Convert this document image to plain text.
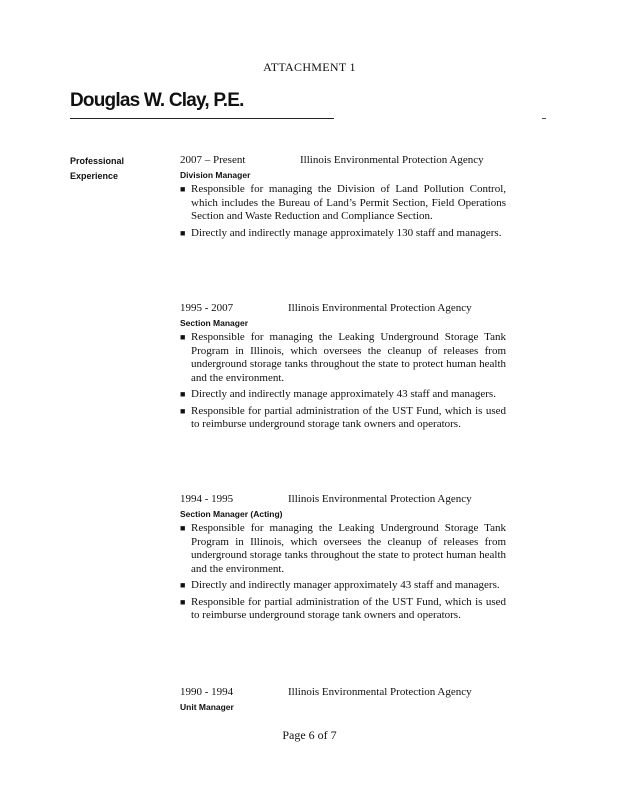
ATTACHMENT 1
Douglas W. Clay, P.E.
Professional
Experience
2007 – Present	Illinois Environmental Protection Agency
Division Manager
■ Responsible for managing the Division of Land Pollution Control, which includes the Bureau of Land’s Permit Section, Field Operations Section and Waste Reduction and Compliance Section.
■ Directly and indirectly manage approximately 130 staff and managers.
1995 - 2007	Illinois Environmental Protection Agency
Section Manager
■ Responsible for managing the Leaking Underground Storage Tank Program in Illinois, which oversees the cleanup of releases from underground storage tanks throughout the state to protect human health and the environment.
■ Directly and indirectly manage approximately 43 staff and managers.
■ Responsible for partial administration of the UST Fund, which is used to reimburse underground storage tank owners and operators.
1994 - 1995	Illinois Environmental Protection Agency
Section Manager (Acting)
■ Responsible for managing the Leaking Underground Storage Tank Program in Illinois, which oversees the cleanup of releases from underground storage tanks throughout the state to protect human health and the environment.
■ Directly and indirectly manager approximately 43 staff and managers.
■ Responsible for partial administration of the UST Fund, which is used to reimburse underground storage tank owners and operators.
1990 - 1994	Illinois Environmental Protection Agency
Unit Manager
Page 6 of 7
